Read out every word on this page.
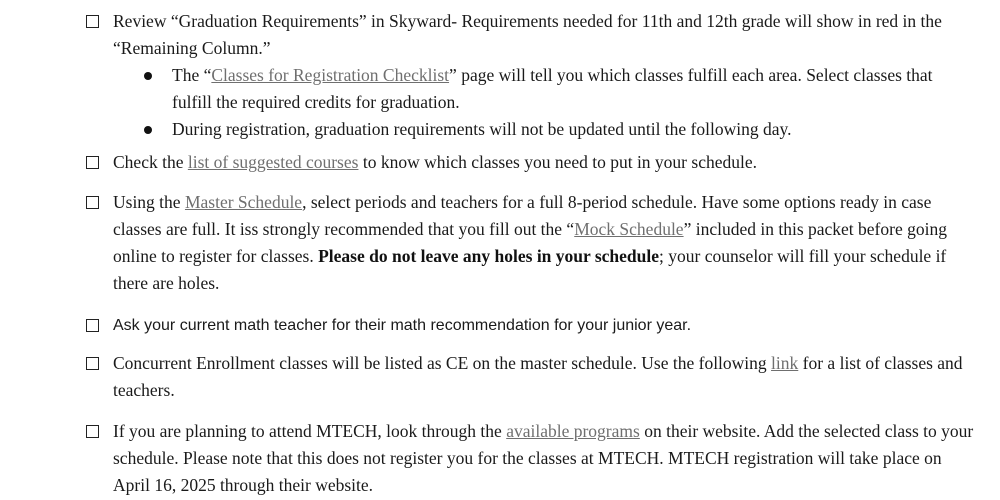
Review “Graduation Requirements” in Skyward- Requirements needed for 11th and 12th grade will show in red in the “Remaining Column.”
The “Classes for Registration Checklist” page will tell you which classes fulfill each area. Select classes that fulfill the required credits for graduation.
During registration, graduation requirements will not be updated until the following day.
Check the list of suggested courses to know which classes you need to put in your schedule.
Using the Master Schedule, select periods and teachers for a full 8-period schedule. Have some options ready in case classes are full. It iss strongly recommended that you fill out the “Mock Schedule” included in this packet before going online to register for classes. Please do not leave any holes in your schedule; your counselor will fill your schedule if there are holes.
Ask your current math teacher for their math recommendation for your junior year.
Concurrent Enrollment classes will be listed as CE on the master schedule. Use the following link for a list of classes and teachers.
If you are planning to attend MTECH, look through the available programs on their website. Add the selected class to your schedule. Please note that this does not register you for the classes at MTECH. MTECH registration will take place on April 16, 2025 through their website.
